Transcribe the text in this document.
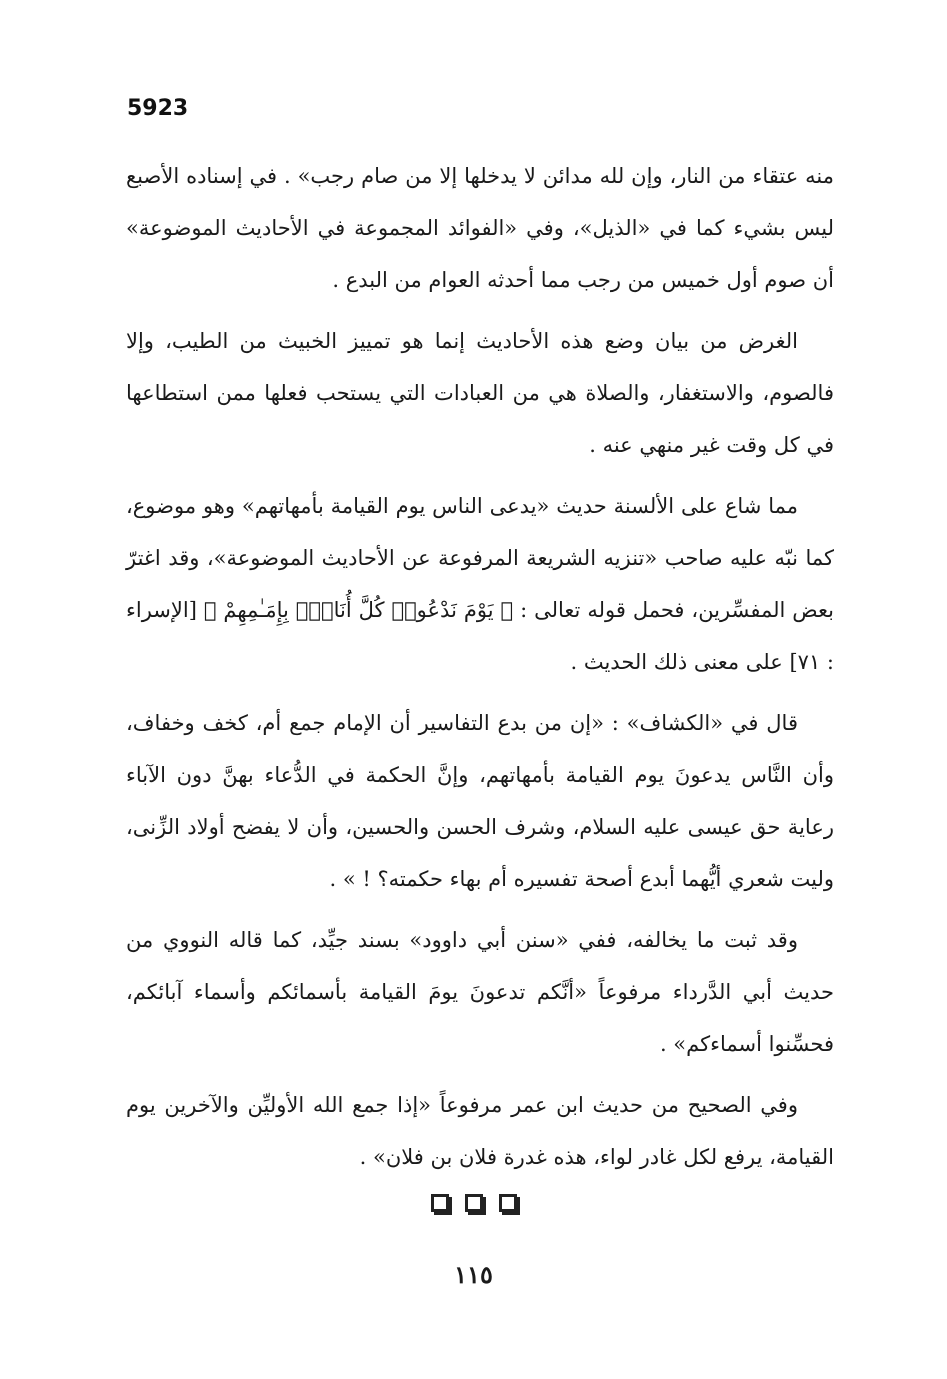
5923

منه عتقاء من النار، وإن لله مدائن لا يدخلها إلا من صام رجب» . في إسناده الأصبع ليس بشيء كما في «الذيل»، وفي «الفوائد المجموعة في الأحاديث الموضوعة» أن صوم أول خميس من رجب مما أحدثه العوام من البدع .

الغرض من بيان وضع هذه الأحاديث إنما هو تمييز الخبيث من الطيب، وإلا فالصوم، والاستغفار، والصلاة هي من العبادات التي يستحب فعلها ممن استطاعها في كل وقت غير منهي عنه .

مما شاع على الألسنة حديث «يدعى الناس يوم القيامة بأمهاتهم» وهو موضوع، كما نبّه عليه صاحب «تنزيه الشريعة المرفوعة عن الأحاديث الموضوعة»، وقد اغترّ بعض المفسِّرين، فحمل قوله تعالى : ﴿ يَوْمَ نَدْعُوا۟ كُلَّ أُنَاسٍۭ بِإِمَـٰمِهِمْ ﴾ [الإسراء : ٧١] على معنى ذلك الحديث .

قال في «الكشاف» : «إن من بدع التفاسير أن الإمام جمع أم، كخف وخفاف، وأن النَّاس يدعونَ يوم القيامة بأمهاتهم، وإنَّ الحكمة في الدُّعاء بهنَّ دون الآباء رعاية حق عيسى عليه السلام، وشرف الحسن والحسين، وأن لا يفضح أولاد الزِّنى، وليت شعري أيُّهما أبدع أصحة تفسيره أم بهاء حكمته؟ ! » .

وقد ثبت ما يخالفه، ففي «سنن أبي داوود» بسند جيِّد، كما قاله النووي من حديث أبي الدَّرداء مرفوعاً «أنَّكم تدعونَ يومَ القيامة بأسمائكم وأسماء آبائكم، فحسِّنوا أسماءكم» .

وفي الصحيح من حديث ابن عمر مرفوعاً «إذا جمع الله الأوليِّن والآخرين يوم القيامة، يرفع لكل غادر لواء، هذه غدرة فلان بن فلان» .

١١٥
